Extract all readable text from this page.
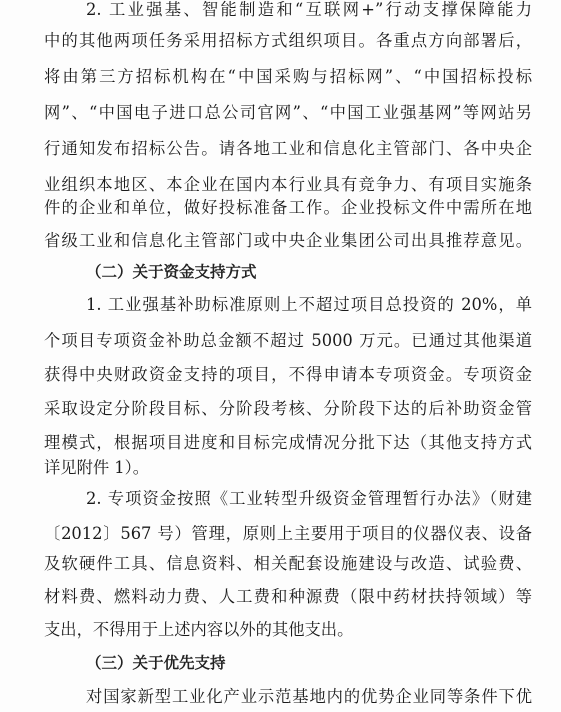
2. 工业强基、智能制造和“互联网+”行动支撑保障能力
中的其他两项任务采用招标方式组织项目。各重点方向部署后，
将由第三方招标机构在“中国采购与招标网”、“中国招标投标
网”、“中国电子进口总公司官网”、“中国工业强基网”等网站另
行通知发布招标公告。请各地工业和信息化主管部门、各中央企
业组织本地区、本企业在国内本行业具有竞争力、有项目实施条
件的企业和单位，做好投标准备工作。企业投标文件中需所在地
省级工业和信息化主管部门或中央企业集团公司出具推荐意见。
（二）关于资金支持方式
1. 工业强基补助标准原则上不超过项目总投资的 20%，单
个项目专项资金补助总金额不超过 5000 万元。已通过其他渠道
获得中央财政资金支持的项目，不得申请本专项资金。专项资金
采取设定分阶段目标、分阶段考核、分阶段下达的后补助资金管
理模式，根据项目进度和目标完成情况分批下达（其他支持方式
详见附件 1）。
2. 专项资金按照《工业转型升级资金管理暂行办法》（财建
〔2012〕567 号）管理，原则上主要用于项目的仪器仪表、设备
及软硬件工具、信息资料、相关配套设施建设与改造、试验费、
材料费、燃料动力费、人工费和种源费（限中药材扶持领域）等
支出，不得用于上述内容以外的其他支出。
（三）关于优先支持
对国家新型工业化产业示范基地内的优势企业同等条件下优
